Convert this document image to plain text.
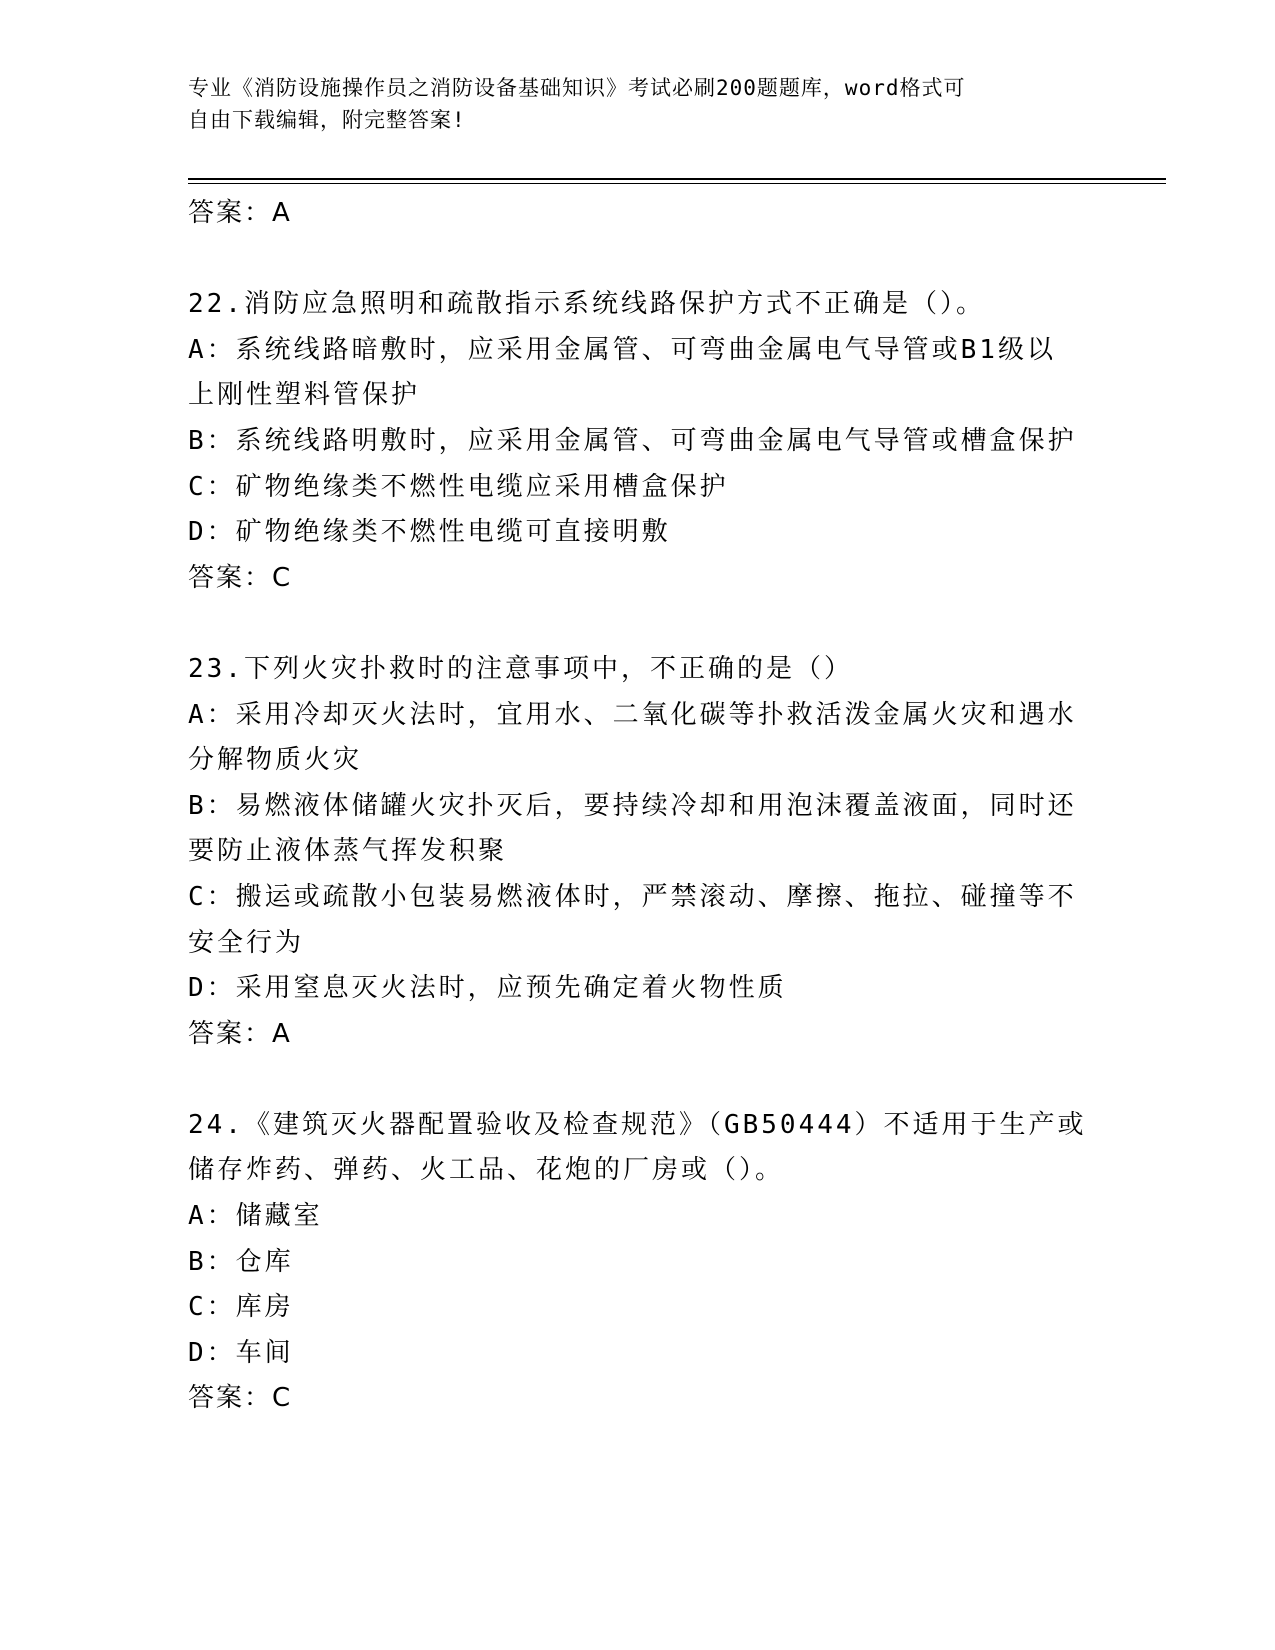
专业《消防设施操作员之消防设备基础知识》考试必刷200题题库，word格式可
自由下载编辑，附完整答案!
答案：A
22.消防应急照明和疏散指示系统线路保护方式不正确是（）。
A：系统线路暗敷时，应采用金属管、可弯曲金属电气导管或B1级以
上刚性塑料管保护
B：系统线路明敷时，应采用金属管、可弯曲金属电气导管或槽盒保护
C：矿物绝缘类不燃性电缆应采用槽盒保护
D：矿物绝缘类不燃性电缆可直接明敷
答案：C
23.下列火灾扑救时的注意事项中，不正确的是（）
A：采用冷却灭火法时，宜用水、二氧化碳等扑救活泼金属火灾和遇水
分解物质火灾
B：易燃液体储罐火灾扑灭后，要持续冷却和用泡沫覆盖液面，同时还
要防止液体蒸气挥发积聚
C：搬运或疏散小包装易燃液体时，严禁滚动、摩擦、拖拉、碰撞等不
安全行为
D：采用窒息灭火法时，应预先确定着火物性质
答案：A
24.《建筑灭火器配置验收及检查规范》（GB50444）不适用于生产或
储存炸药、弹药、火工品、花炮的厂房或（）。
A：储藏室
B：仓库
C：库房
D：车间
答案：C
